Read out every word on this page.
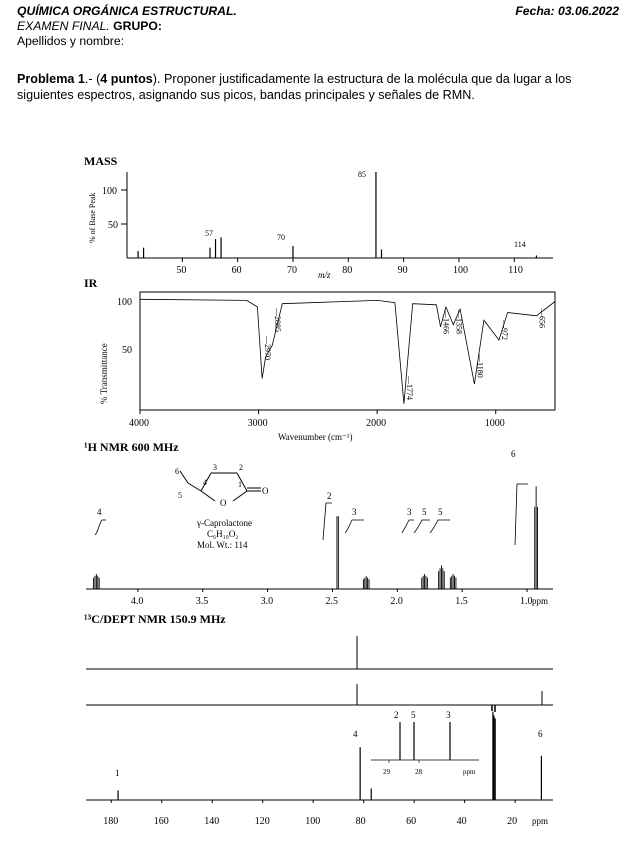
QUÍMICA ORGÁNICA ESTRUCTURAL.	Fecha: 03.06.2022
EXAMEN FINAL. GRUPO:
Apellidos y nombre:
Problema 1.- (4 puntos). Proponer justificadamente la estructura de la molécula que da lugar a los siguientes espectros, asignando sus picos, bandas principales y señales de RMN.
MASS
% of Base Peak
100
50
50	60	70	80	90	100	110
57	70
85
114
m/z
IR
% Transmittance
100
50
4000	3000	2000	1000
—2970
—2885
—1774
—1466 —1358
—1180
—972
—656
Wavenumber (cm⁻¹)
¹H NMR 600 MHz
6
5
4
3	2
1
O
O
γ-Caprolactone
C₆H₁₀O₂
Mol. Wt.: 114
4
2
3	3 5 5
6
4.0	3.5	3.0	2.5	2.0	1.5	1.0 ppm
¹³C/DEPT NMR 150.9 MHz
2 5	3
29	28	ppm
1
4	6
180	160	140	120	100	80	60	40	20 ppm
